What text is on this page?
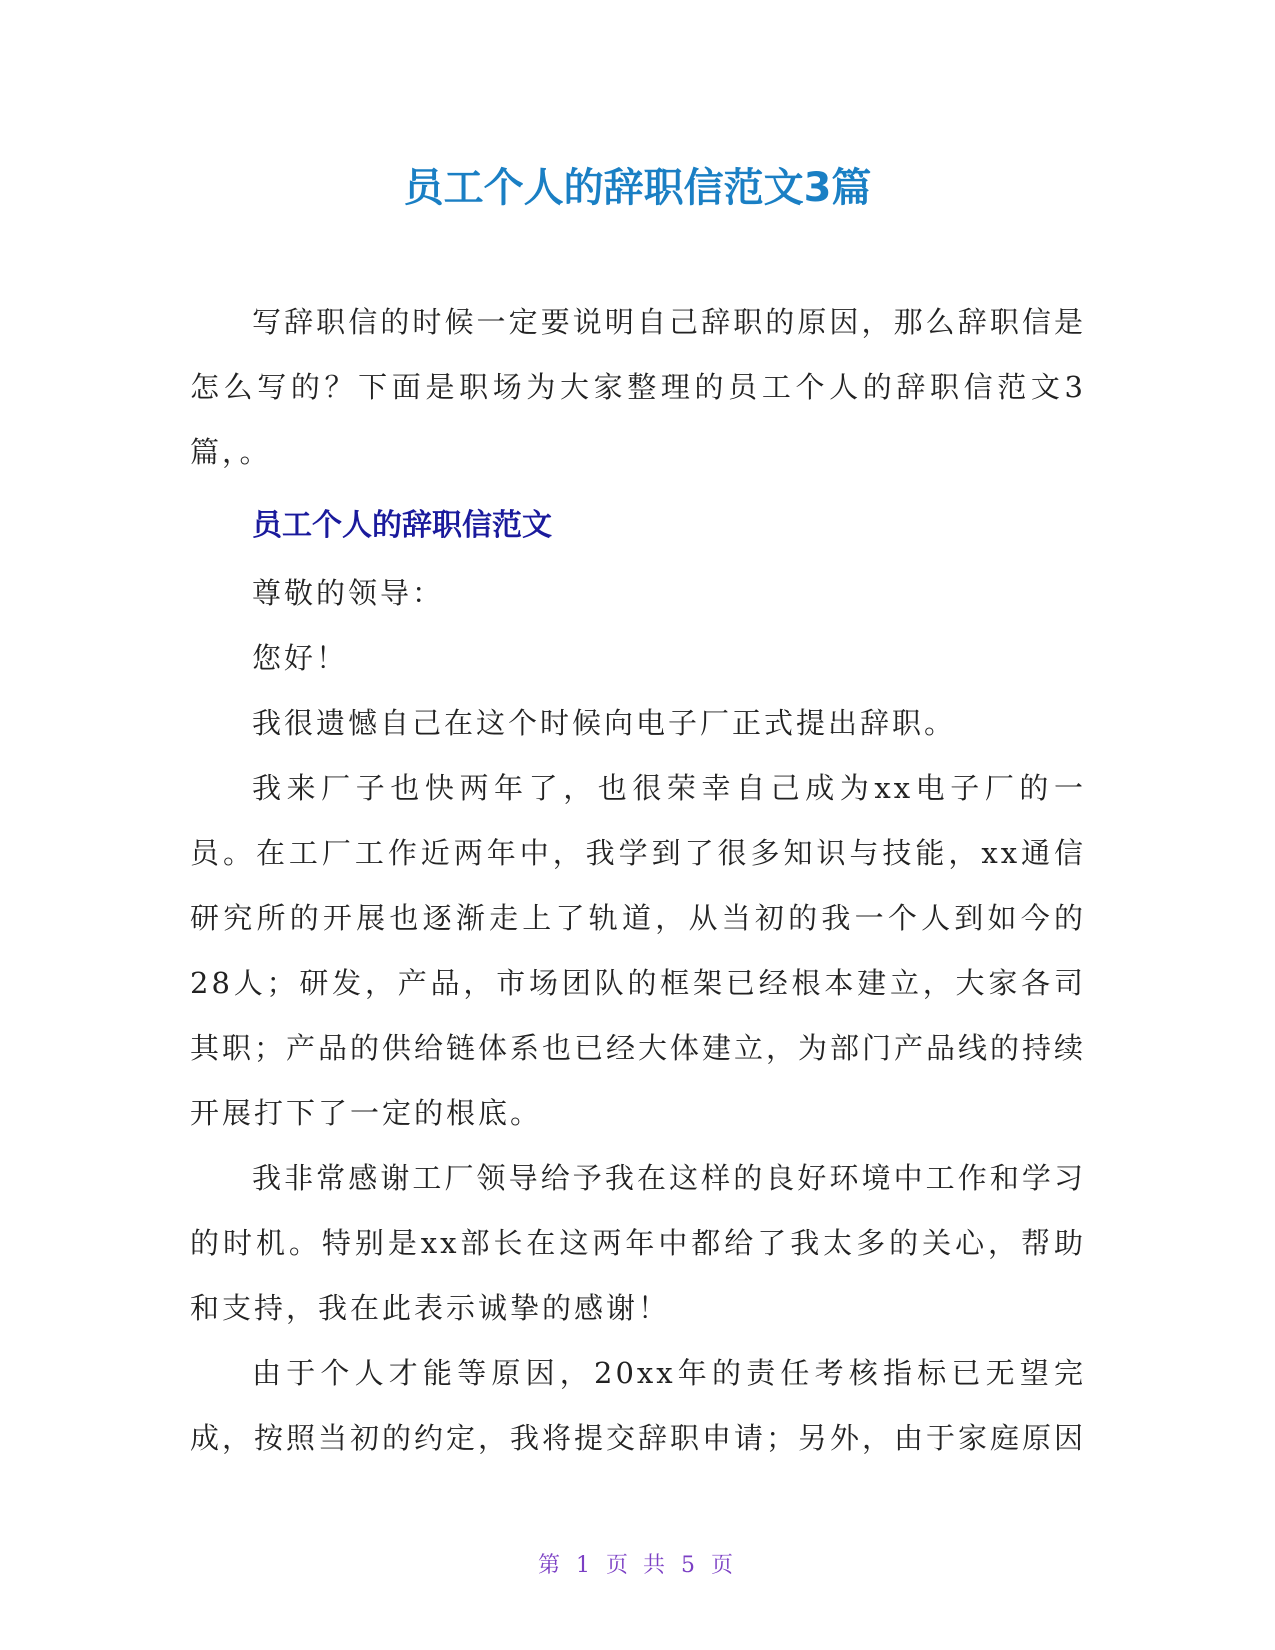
员工个人的辞职信范文3篇

写辞职信的时候一定要说明自己辞职的原因，那么辞职信是怎么写的？下面是职场为大家整理的员工个人的辞职信范文3篇，。

员工个人的辞职信范文

尊敬的领导：

您好！

我很遗憾自己在这个时候向电子厂正式提出辞职。

我来厂子也快两年了，也很荣幸自己成为xx电子厂的一员。在工厂工作近两年中，我学到了很多知识与技能，xx通信研究所的开展也逐渐走上了轨道，从当初的我一个人到如今的28人；研发，产品，市场团队的框架已经根本建立，大家各司其职；产品的供给链体系也已经大体建立，为部门产品线的持续开展打下了一定的根底。

我非常感谢工厂领导给予我在这样的良好环境中工作和学习的时机。特别是xx部长在这两年中都给了我太多的关心，帮助和支持，我在此表示诚挚的感谢！

由于个人才能等原因，20xx年的责任考核指标已无望完成，按照当初的约定，我将提交辞职申请；另外，由于家庭原因

第 1 页 共 5 页
